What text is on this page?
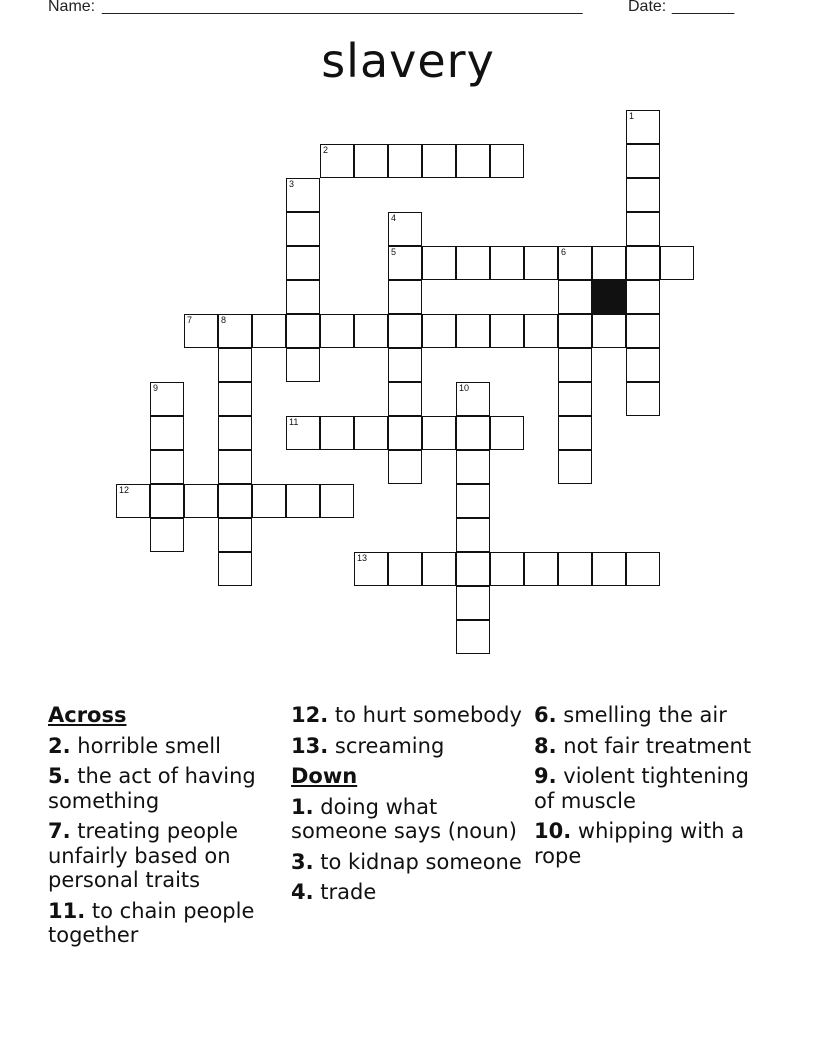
Name: ______________________________________________________	Date: _______
slavery
2
5	6
7	8
11
12
13
1
3
4
9	10
Across
2. horrible smell
5. the act of having something
7. treating people unfairly based on personal traits
11. to chain people together
12. to hurt somebody
13. screaming
Down
1. doing what someone says (noun)
3. to kidnap someone
4. trade
6. smelling the air
8. not fair treatment
9. violent tightening of muscle
10. whipping with a rope
